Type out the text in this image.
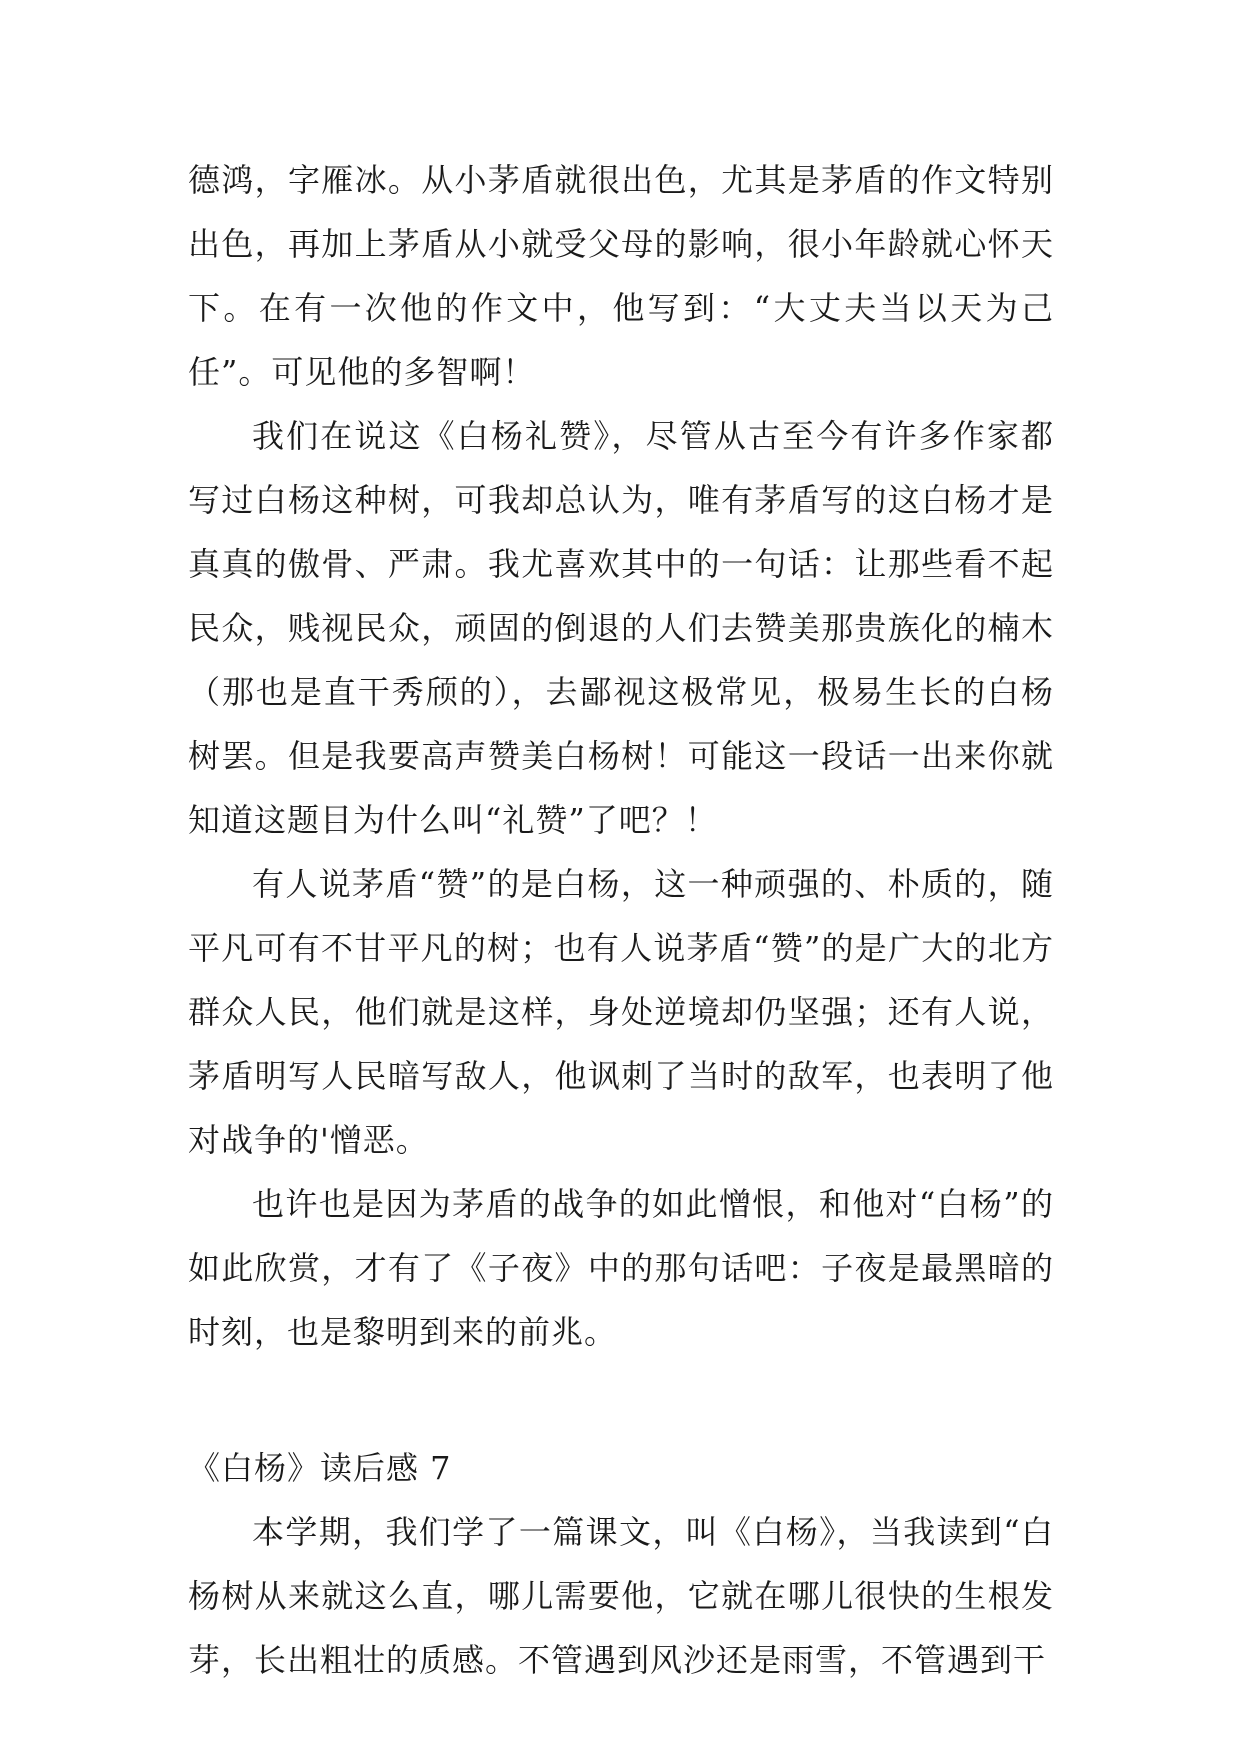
德鸿，字雁冰。从小茅盾就很出色，尤其是茅盾的作文特别出色，再加上茅盾从小就受父母的影响，很小年龄就心怀天下。在有一次他的作文中，他写到：“大丈夫当以天为己任”。可见他的多智啊！

我们在说这《白杨礼赞》，尽管从古至今有许多作家都写过白杨这种树，可我却总认为，唯有茅盾写的这白杨才是真真的傲骨、严肃。我尤喜欢其中的一句话：让那些看不起民众，贱视民众，顽固的倒退的人们去赞美那贵族化的楠木（那也是直干秀颀的），去鄙视这极常见，极易生长的白杨树罢。但是我要高声赞美白杨树！可能这一段话一出来你就知道这题目为什么叫“礼赞”了吧？！

有人说茅盾“赞”的是白杨，这一种顽强的、朴质的，随平凡可有不甘平凡的树；也有人说茅盾“赞”的是广大的北方群众人民，他们就是这样，身处逆境却仍坚强；还有人说，茅盾明写人民暗写敌人，他讽刺了当时的敌军，也表明了他对战争的'憎恶。

也许也是因为茅盾的战争的如此憎恨，和他对“白杨”的如此欣赏，才有了《子夜》中的那句话吧：子夜是最黑暗的时刻，也是黎明到来的前兆。

《白杨》读后感 7

本学期，我们学了一篇课文，叫《白杨》，当我读到“白杨树从来就这么直，哪儿需要他，它就在哪儿很快的生根发芽，长出粗壮的质感。不管遇到风沙还是雨雪，不管遇到干
